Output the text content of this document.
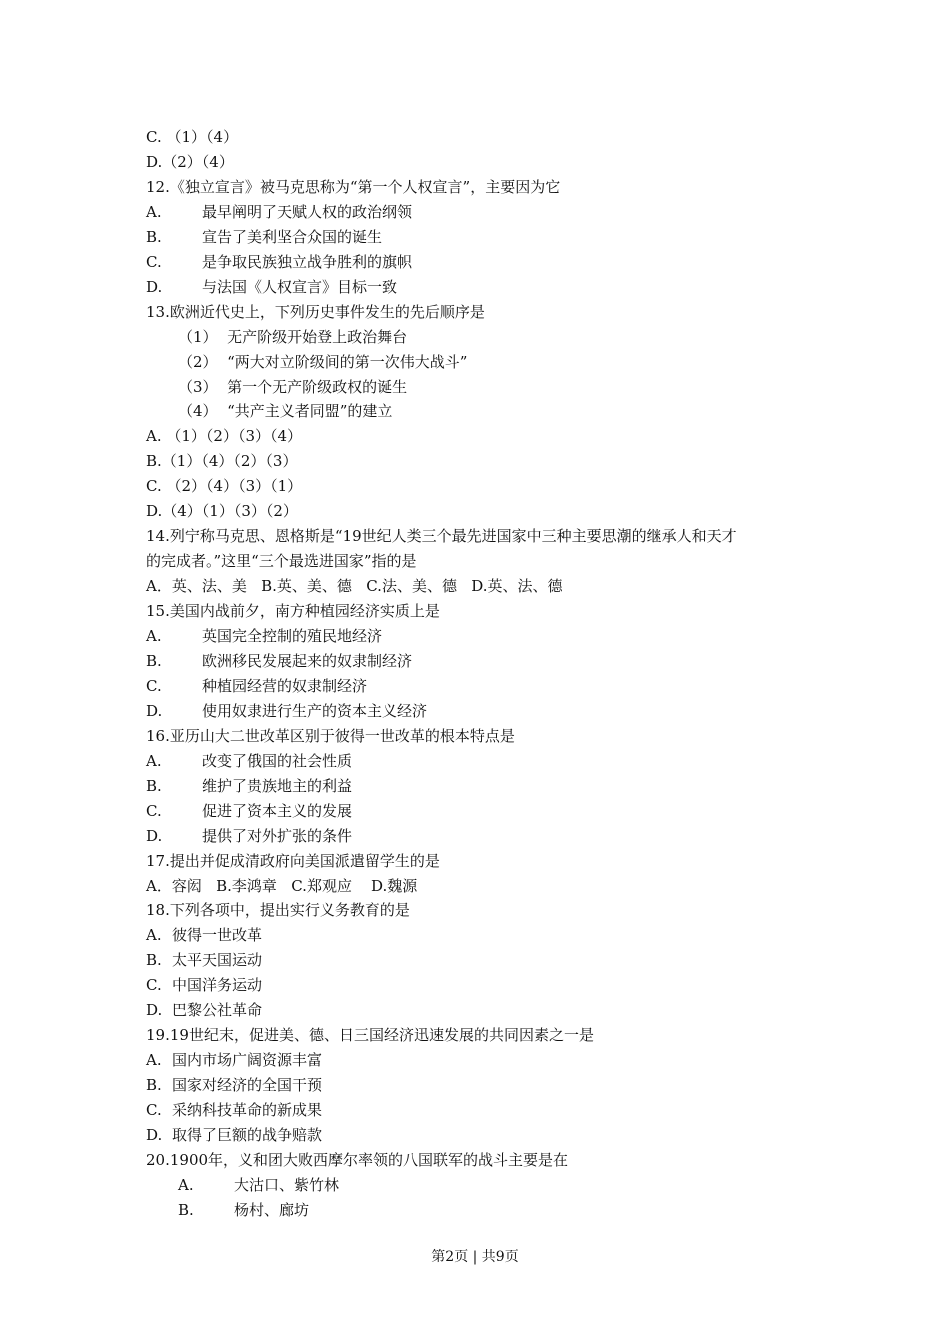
C. （1）（4）
D.（2）（4）
12.《独立宣言》被马克思称为“第一个人权宣言”，主要因为它
A.	最早阐明了天赋人权的政治纲领
B.	宣告了美利坚合众国的诞生
C.	是争取民族独立战争胜利的旗帜
D.	与法国《人权宣言》目标一致
13.欧洲近代史上，下列历史事件发生的先后顺序是
（1）  无产阶级开始登上政治舞台
（2）  “两大对立阶级间的第一次伟大战斗”
（3）  第一个无产阶级政权的诞生
（4）  “共产主义者同盟”的建立
A. （1）（2）（3）（4）
B.（1）（4）（2）（3）
C. （2）（4）（3）（1）
D.（4）（1）（3）（2）
14.列宁称马克思、恩格斯是“19世纪人类三个最先进国家中三种主要思潮的继承人和天才
的完成者。”这里“三个最选进国家”指的是
A．英、法、美   B.英、美、德   C.法、美、德   D.英、法、德
15.美国内战前夕，南方种植园经济实质上是
A.	英国完全控制的殖民地经济
B.	欧洲移民发展起来的奴隶制经济
C.	种植园经营的奴隶制经济
D.	使用奴隶进行生产的资本主义经济
16.亚历山大二世改革区别于彼得一世改革的根本特点是
A.	改变了俄国的社会性质
B.	维护了贵族地主的利益
C.	促进了资本主义的发展
D.	提供了对外扩张的条件
17.提出并促成清政府向美国派遣留学生的是
A．容闳   B.李鸿章   C.郑观应    D.魏源
18.下列各项中，提出实行义务教育的是
A. 彼得一世改革
B. 太平天国运动
C. 中国洋务运动
D. 巴黎公社革命
19.19世纪末，促进美、德、日三国经济迅速发展的共同因素之一是
A. 国内市场广阔资源丰富
B. 国家对经济的全国干预
C. 采纳科技革命的新成果
D. 取得了巨额的战争赔款
20.1900年，义和团大败西摩尔率领的八国联军的战斗主要是在
A.	大沽口、紫竹林
B.	杨村、廊坊
第2页 | 共9页
